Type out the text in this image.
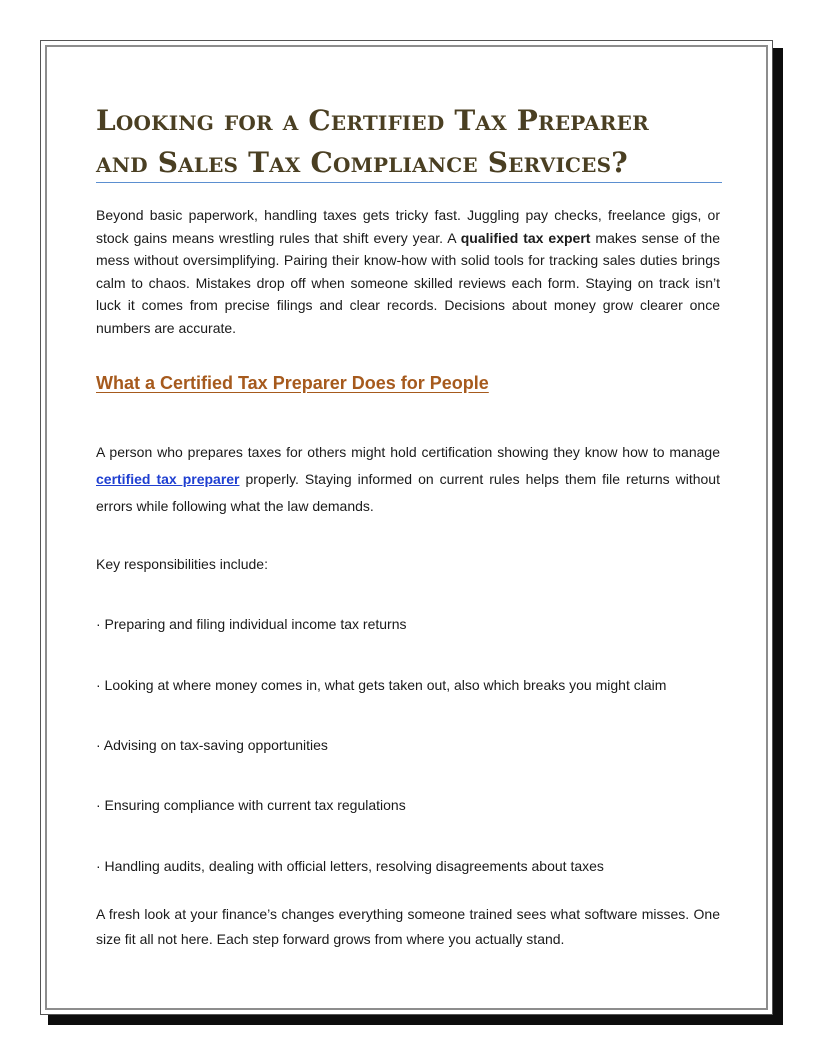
Looking for a Certified Tax Preparer
and Sales Tax Compliance Services?

Beyond basic paperwork, handling taxes gets tricky fast. Juggling pay checks, freelance gigs, or stock gains means wrestling rules that shift every year. A qualified tax expert makes sense of the mess without oversimplifying. Pairing their know-how with solid tools for tracking sales duties brings calm to chaos. Mistakes drop off when someone skilled reviews each form. Staying on track isn’t luck it comes from precise filings and clear records. Decisions about money grow clearer once numbers are accurate.

What a Certified Tax Preparer Does for People

A person who prepares taxes for others might hold certification showing they know how to manage certified tax preparer properly. Staying informed on current rules helps them file returns without errors while following what the law demands.

Key responsibilities include:

· Preparing and filing individual income tax returns

· Looking at where money comes in, what gets taken out, also which breaks you might claim

· Advising on tax-saving opportunities

· Ensuring compliance with current tax regulations

· Handling audits, dealing with official letters, resolving disagreements about taxes

A fresh look at your finance’s changes everything someone trained sees what software misses. One size fit all not here. Each step forward grows from where you actually stand.
